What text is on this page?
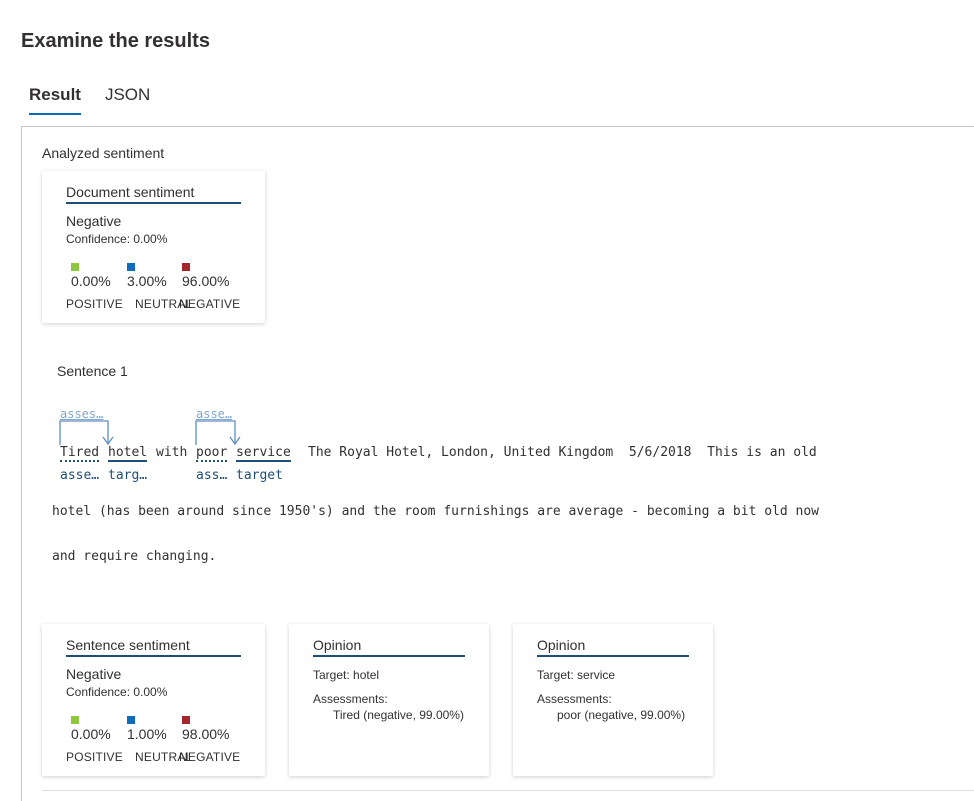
Examine the results
Result JSON
Analyzed sentiment
Document sentiment
Negative
Confidence: 0.00%
0.00% 3.00% 96.00%
POSITIVE NEUTRAL
NEGATIVE
Sentence 1
asses…	asse…
Tired hotel with poor service The Royal Hotel, London, United Kingdom  5/6/2018  This is an old
asse… targ…	ass… target
hotel (has been around since 1950's) and the room furnishings are average - becoming a bit old now
and require changing.
Sentence sentiment
Negative
Confidence: 0.00%
0.00% 1.00% 98.00%
POSITIVE NEUTRAL
NEGATIVE
Opinion
Target: hotel
Assessments:
Tired (negative, 99.00%)
Opinion
Target: service
Assessments:
poor (negative, 99.00%)
